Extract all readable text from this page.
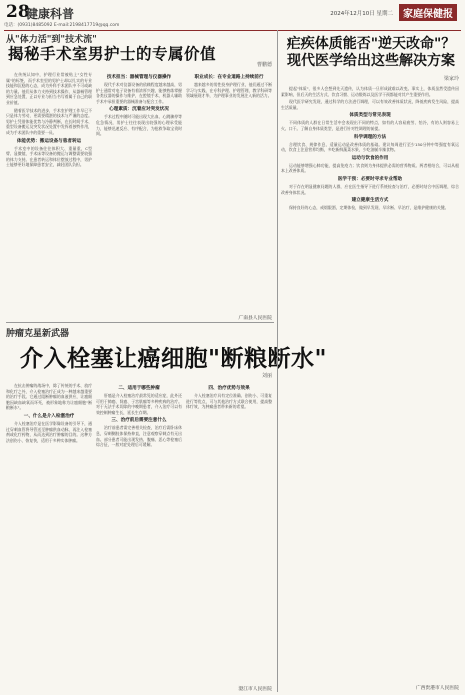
28
健康科普	2024年12月10日 星期二	家庭保健报
电话：(0931)8485092 E-mail:2198417719@qq.com
从"体力活"到"技术流"
揭秘手术室男护士的专属价值
曹鹏德

在传统认知中，护理行业常被贴上"女性专属"的标签，而手术室里的男护士却以扎实的专业技能和沉稳的心态，成为外科手术团队中不可或缺的力量。他们从体力支持到技术操作，从器械管理到应急处置，正以专业与担当书写着属于自己的职业价值。

随着医学技术的进步，手术室护理工作早已不只是体力劳动，更需要精湛的技术与严谨的态度。男护士凭借体能优势与冷静判断，在长时间手术、重型设备搬运及突发状况处置中发挥着独特作用，成为手术团队中的重要一员。

体能优势：搬运设备与患者转运

手术室中的设备往往体积大、重量重，C型臂、显微镜、手术床等设备的搬运与调整需要较强的体力支持。在患者转运和体位摆放过程中，男护士能够更好地保障患者安全，减轻团队负担。

技术担当：器械管理与仪器操作

现代手术对仪器设备的依赖程度越来越高，男护士通常对电子设备有着浓厚兴趣，能够熟练掌握各类仪器的操作与维护，在腔镜手术、机器人辅助手术中承担重要的器械准备与配合工作。

心理素质：沉着应对突发状况

手术过程中随时可能出现大出血、心跳骤停等危急情况，男护士往往表现出较强的心理承受能力，能够迅速反应、有序配合，为抢救争取宝贵时间。

职业成长：在专业道路上持续前行

越来越多的男性投身护理行业，他们通过不断学习与实践，在专科护理、护理管理、教学科研等领域展现才华，为护理事业的发展注入新的活力。

广南县人民医院
肿瘤克星新武器
介入栓塞让癌细胞"断粮断水"
刘丽

在抗击肿瘤的战场中，除了传统的手术、放疗和化疗之外，介入栓塞治疗正成为一种越来越重要的治疗手段。它通过阻断肿瘤的血液供应，让癌细胞因缺血缺氧而坏死，被形象地称为让癌细胞"断粮断水"。

一、什么是介入栓塞治疗

介入栓塞治疗是在医学影像设备的引导下，通过穿刺血管将导管送至肿瘤供血动脉，再注入栓塞剂或化疗药物，从而达到治疗肿瘤的目的。这种方法创伤小、恢复快，适用于多种实体肿瘤。

二、适用于哪些肿瘤

肝癌是介入栓塞治疗最常见的适应症，此外还可用于肺癌、肾癌、子宫肌瘤等多种疾病的治疗。对于无法手术切除的中晚期患者，介入治疗可以有效控制肿瘤生长，延长生存期。

三、治疗前后需要注意什么

治疗前患者需完善相关检查，治疗后需卧床休息，穿刺侧肢体保持伸直，注意观察穿刺点有无出血。部分患者可能出现发热、腹痛、恶心等栓塞后综合征，一般对症处理后可缓解。

四、治疗优势与效果

介入栓塞治疗具有定位准确、创伤小、可重复进行等优点，可与其他治疗方式联合使用，提高整体疗效，为肿瘤患者带来新的希望。

澄江市人民医院
疟疾体质能否"逆天改命"？
现代医学给出这些解决方案
梁家玲

提起"体质"，很多人会想到先天遗传，认为体质一旦形成就难以改变。事实上，体质虽然受遗传因素影响，但后天的生活方式、饮食习惯、运动锻炼以及医学干预都能对其产生重要作用。

现代医学研究发现，通过科学的方法进行调理，可以有效改善体质状况，降低疾病发生风险，提高生活质量。

体质类型与常见表现

不同体质的人群在日常生活中会表现出不同的特点，如有的人容易疲劳、怕冷，有的人则容易上火、口干。了解自身体质类型，是进行针对性调理的前提。

科学调理的方法

合理饮食、规律作息、适量运动是改善体质的基础。建议每周进行至少150分钟中等强度有氧运动，饮食上注意营养均衡，多吃新鲜蔬菜水果，少吃油腻辛辣食物。

运动与饮食的作用

运动能够增强心肺功能，提高免疫力；饮食则为身体提供必需的营养物质。两者相结合，可以从根本上改善体质。

医学干预：必要时寻求专业帮助

对于存在明显健康问题的人群，应在医生指导下进行系统检查与治疗，必要时结合中医调理，综合改善身体状况。

建立健康生活方式

保持良好的心态，戒烟限酒，定期体检，做到早发现、早诊断、早治疗，是维护健康的关键。

广西贵港市人民医院
